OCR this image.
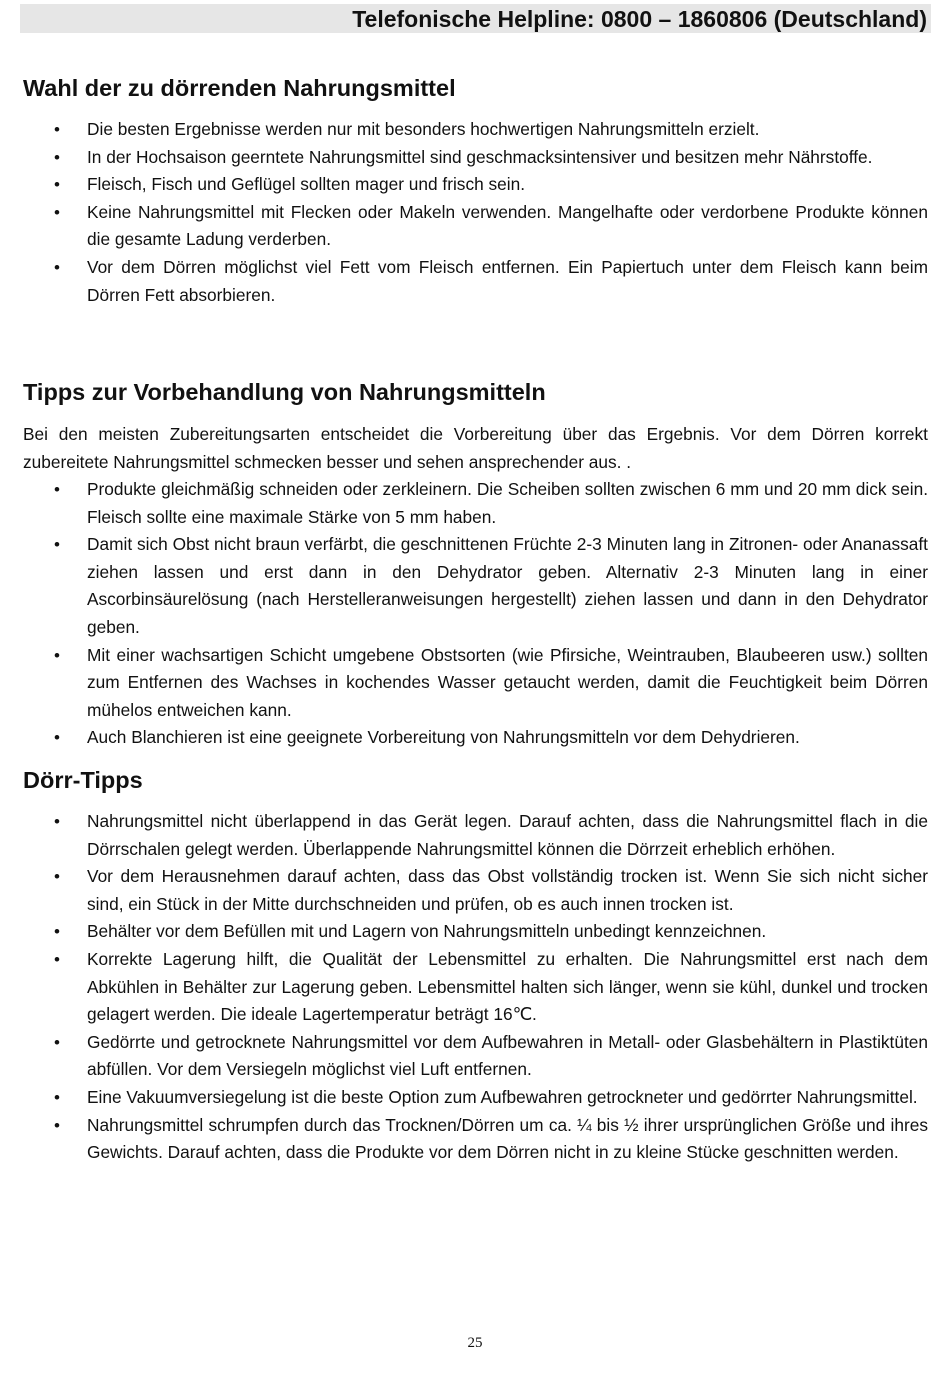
Telefonische Helpline: 0800 – 1860806 (Deutschland)
Wahl der zu dörrenden Nahrungsmittel
• Die besten Ergebnisse werden nur mit besonders hochwertigen Nahrungsmitteln erzielt.
• In der Hochsaison geerntete Nahrungsmittel sind geschmacksintensiver und besitzen mehr Nährstoffe.
• Fleisch, Fisch und Geflügel sollten mager und frisch sein.
• Keine Nahrungsmittel mit Flecken oder Makeln verwenden. Mangelhafte oder verdorbene Produkte können die gesamte Ladung verderben.
• Vor dem Dörren möglichst viel Fett vom Fleisch entfernen. Ein Papiertuch unter dem Fleisch kann beim Dörren Fett absorbieren.
Tipps zur Vorbehandlung von Nahrungsmitteln

Bei den meisten Zubereitungsarten entscheidet die Vorbereitung über das Ergebnis. Vor dem Dörren korrekt zubereitete Nahrungsmittel schmecken besser und sehen ansprechender aus. .

• Produkte gleichmäßig schneiden oder zerkleinern. Die Scheiben sollten zwischen 6 mm und 20 mm dick sein. Fleisch sollte eine maximale Stärke von 5 mm haben.
• Damit sich Obst nicht braun verfärbt, die geschnittenen Früchte 2-3 Minuten lang in Zitronen- oder Ananassaft ziehen lassen und erst dann in den Dehydrator geben. Alternativ 2-3 Minuten lang in einer Ascorbinsäurelösung (nach Herstelleranweisungen hergestellt) ziehen lassen und dann in den Dehydrator geben.
• Mit einer wachsartigen Schicht umgebene Obstsorten (wie Pfirsiche, Weintrauben, Blaubeeren usw.) sollten zum Entfernen des Wachses in kochendes Wasser getaucht werden, damit die Feuchtigkeit beim Dörren mühelos entweichen kann.
• Auch Blanchieren ist eine geeignete Vorbereitung von Nahrungsmitteln vor dem Dehydrieren.
Dörr-Tipps
• Nahrungsmittel nicht überlappend in das Gerät legen. Darauf achten, dass die Nahrungsmittel flach in die Dörrschalen gelegt werden. Überlappende Nahrungsmittel können die Dörrzeit erheblich erhöhen.
• Vor dem Herausnehmen darauf achten, dass das Obst vollständig trocken ist. Wenn Sie sich nicht sicher sind, ein Stück in der Mitte durchschneiden und prüfen, ob es auch innen trocken ist.
• Behälter vor dem Befüllen mit und Lagern von Nahrungsmitteln unbedingt kennzeichnen.
• Korrekte Lagerung hilft, die Qualität der Lebensmittel zu erhalten. Die Nahrungsmittel erst nach dem Abkühlen in Behälter zur Lagerung geben. Lebensmittel halten sich länger, wenn sie kühl, dunkel und trocken gelagert werden. Die ideale Lagertemperatur beträgt 16℃.
• Gedörrte und getrocknete Nahrungsmittel vor dem Aufbewahren in Metall- oder Glasbehältern in Plastiktüten abfüllen. Vor dem Versiegeln möglichst viel Luft entfernen.
• Eine Vakuumversiegelung ist die beste Option zum Aufbewahren getrockneter und gedörrter Nahrungsmittel.
• Nahrungsmittel schrumpfen durch das Trocknen/Dörren um ca. ¼ bis ½ ihrer ursprünglichen Größe und ihres Gewichts. Darauf achten, dass die Produkte vor dem Dörren nicht in zu kleine Stücke geschnitten werden.
25
